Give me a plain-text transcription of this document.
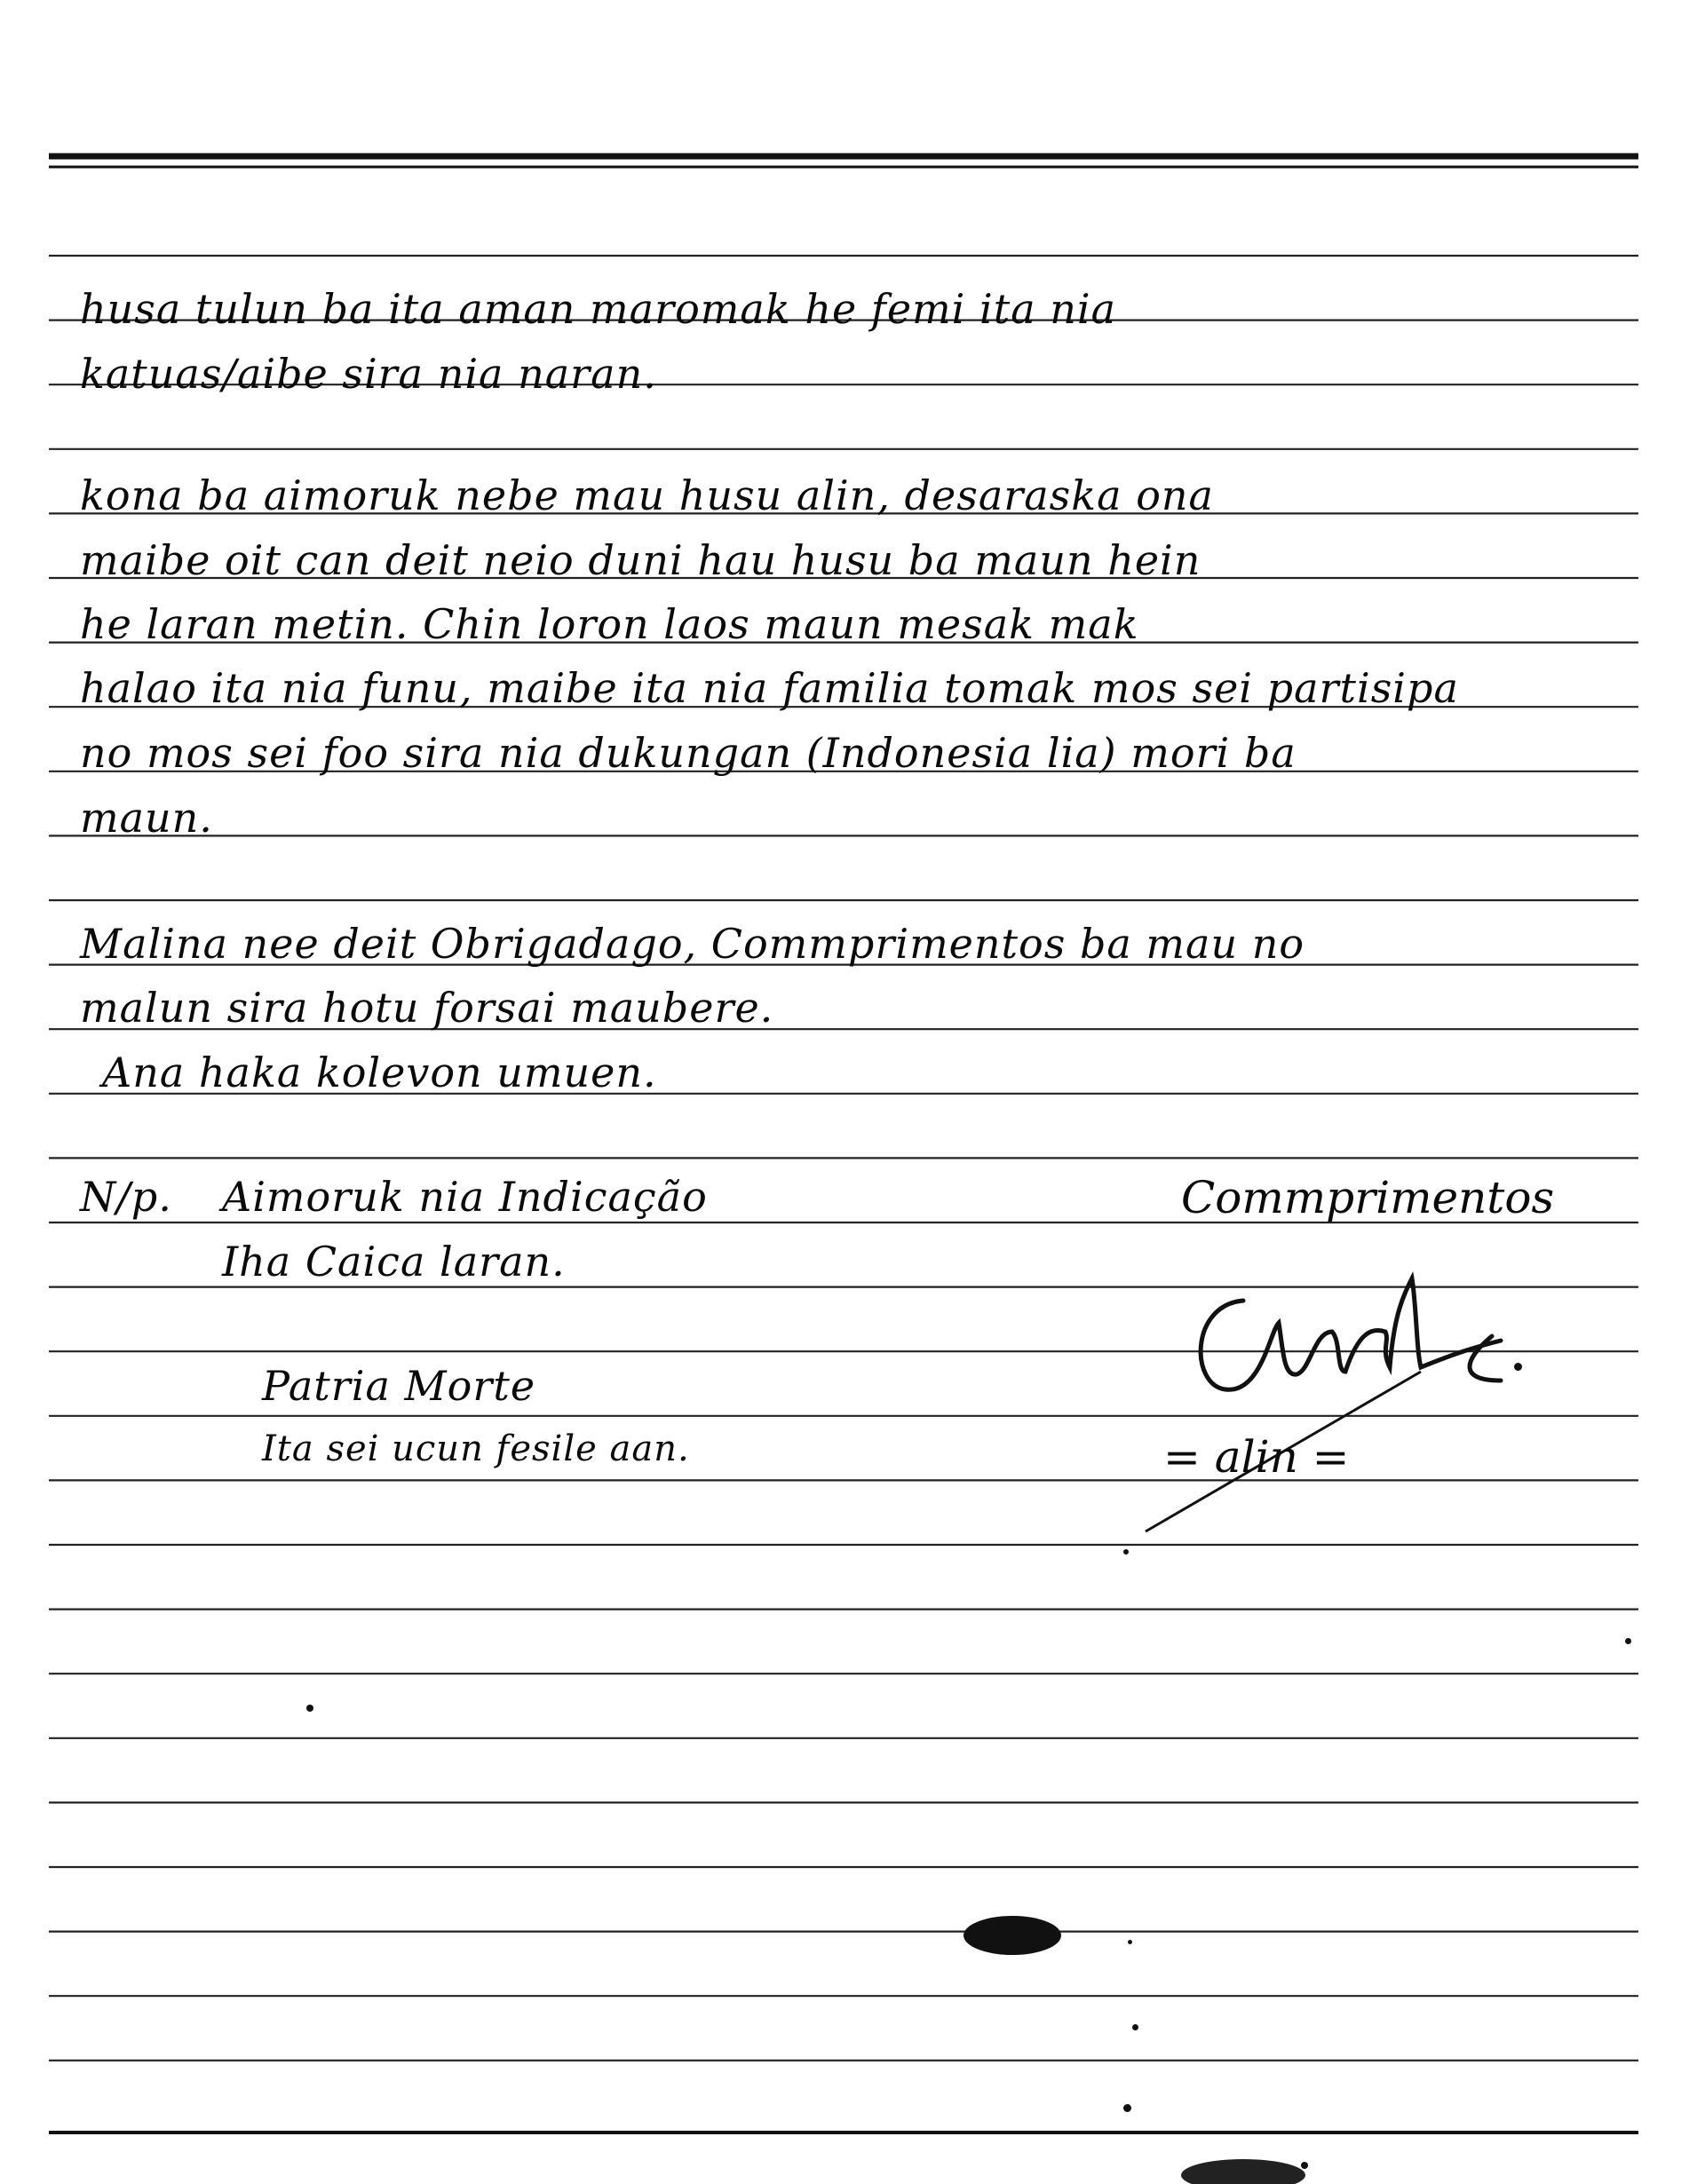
husa tulun ba ita aman maromak he femi ita nia
katuas/aibe sira nia naran.
kona ba aimoruk nebe mau husu alin, desaraska ona
maibe oit can deit neio duni hau husu ba maun hein
he laran metin. Chin loron laos maun mesak mak
halao ita nia funu, maibe ita nia familia tomak mos sei partisipa
no mos sei foo sira nia dukungan (Indonesia lia) mori ba
maun.
Malina nee deit Obrigadago, Commprimentos ba mau no
malun sira hotu forsai maubere.
Ana haka kolevon umuen.
N/p.	Aimoruk nia Indicação
Iha Caica laran.
Patria Morte
Ita sei ucun fesile aan.
Commprimentos
= alin =
